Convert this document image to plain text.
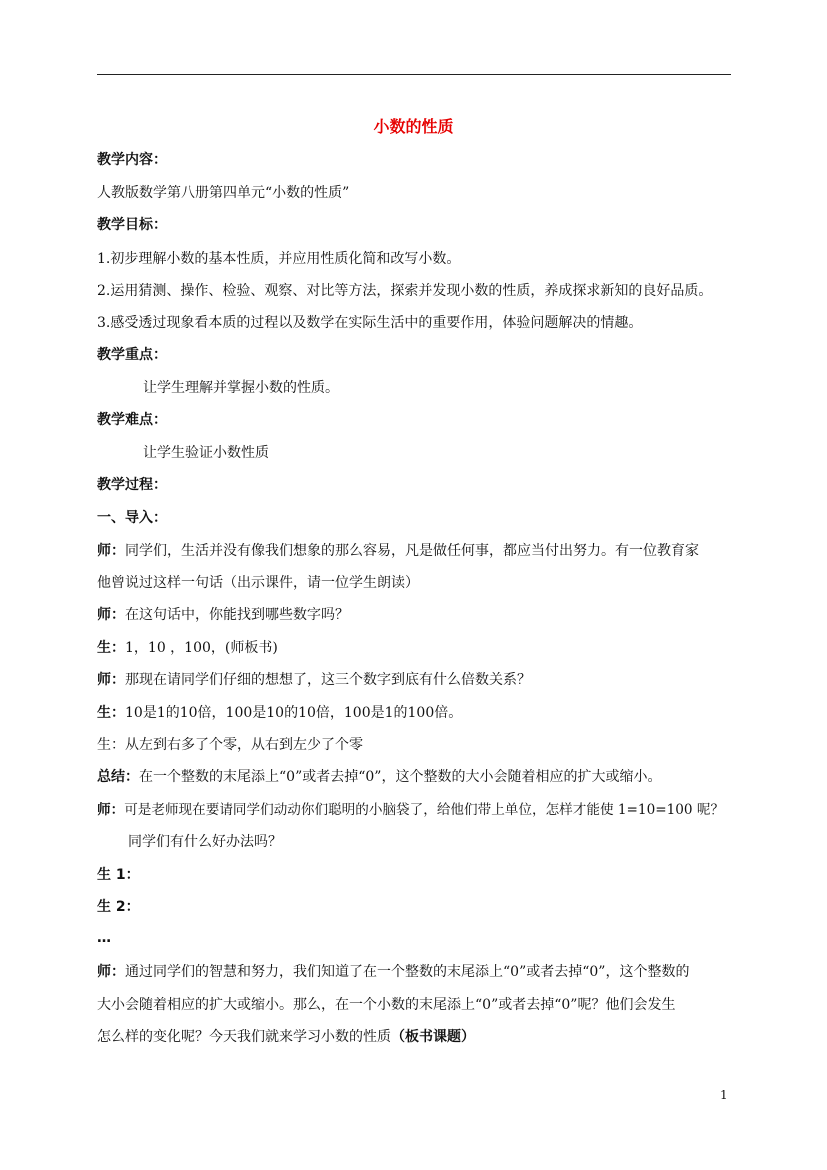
小数的性质
教学内容：
人教版数学第八册第四单元“小数的性质”
教学目标：
1.初步理解小数的基本性质，并应用性质化简和改写小数。
2.运用猜测、操作、检验、观察、对比等方法，探索并发现小数的性质，养成探求新知的良好品质。
3.感受透过现象看本质的过程以及数学在实际生活中的重要作用，体验问题解决的情趣。
教学重点：
让学生理解并掌握小数的性质。
教学难点：
让学生验证小数性质
教学过程：
一、导入：
师：同学们，生活并没有像我们想象的那么容易，凡是做任何事，都应当付出努力。有一位教育家
他曾说过这样一句话（出示课件，请一位学生朗读）
师：在这句话中，你能找到哪些数字吗？
生：1，10 ，100，(师板书)
师：那现在请同学们仔细的想想了，这三个数字到底有什么倍数关系？
生：10是1的10倍，100是10的10倍，100是1的100倍。
生：从左到右多了个零，从右到左少了个零
总结：在一个整数的末尾添上“0”或者去掉“0”，这个整数的大小会随着相应的扩大或缩小。
师：可是老师现在要请同学们动动你们聪明的小脑袋了，给他们带上单位，怎样才能使 1=10=100 呢？
同学们有什么好办法吗？
生 1：
生 2：
…
师：通过同学们的智慧和努力，我们知道了在一个整数的末尾添上“0”或者去掉“0”，这个整数的
大小会随着相应的扩大或缩小。那么，在一个小数的末尾添上“0”或者去掉“0”呢？他们会发生
怎么样的变化呢？今天我们就来学习小数的性质（板书课题）
1
